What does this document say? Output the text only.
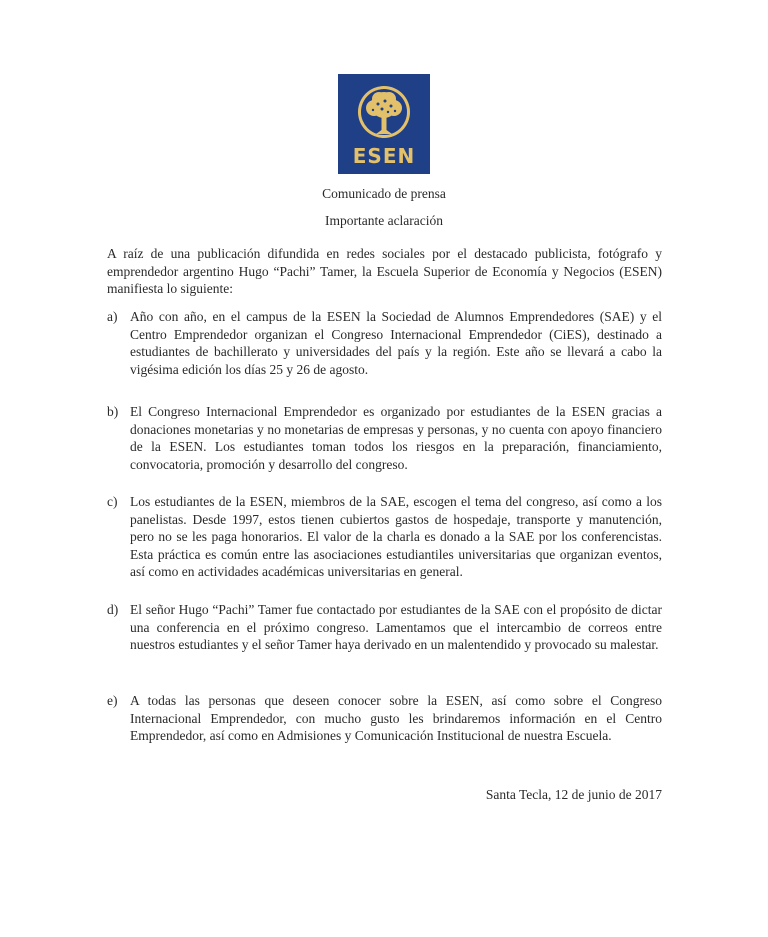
ESEN
Comunicado de prensa
Importante aclaración

A raíz de una publicación difundida en redes sociales por el destacado publicista, fotógrafo y emprendedor argentino Hugo “Pachi” Tamer, la Escuela Superior de Economía y Negocios (ESEN) manifiesta lo siguiente:

a) Año con año, en el campus de la ESEN la Sociedad de Alumnos Emprendedores (SAE) y el Centro Emprendedor organizan el Congreso Internacional Emprendedor (CiES), destinado a estudiantes de bachillerato y universidades del país y la región. Este año se llevará a cabo la vigésima edición los días 25 y 26 de agosto.
b) El Congreso Internacional Emprendedor es organizado por estudiantes de la ESEN gracias a donaciones monetarias y no monetarias de empresas y personas, y no cuenta con apoyo financiero de la ESEN. Los estudiantes toman todos los riesgos en la preparación, financiamiento, convocatoria, promoción y desarrollo del congreso.
c) Los estudiantes de la ESEN, miembros de la SAE, escogen el tema del congreso, así como a los panelistas. Desde 1997, estos tienen cubiertos gastos de hospedaje, transporte y manutención, pero no se les paga honorarios. El valor de la charla es donado a la SAE por los conferencistas. Esta práctica es común entre las asociaciones estudiantiles universitarias que organizan eventos, así como en actividades académicas universitarias en general.
d) El señor Hugo “Pachi” Tamer fue contactado por estudiantes de la SAE con el propósito de dictar una conferencia en el próximo congreso. Lamentamos que el intercambio de correos entre nuestros estudiantes y el señor Tamer haya derivado en un malentendido y provocado su malestar.
e) A todas las personas que deseen conocer sobre la ESEN, así como sobre el Congreso Internacional Emprendedor, con mucho gusto les brindaremos información en el Centro Emprendedor, así como en Admisiones y Comunicación Institucional de nuestra Escuela.
Santa Tecla, 12 de junio de 2017
